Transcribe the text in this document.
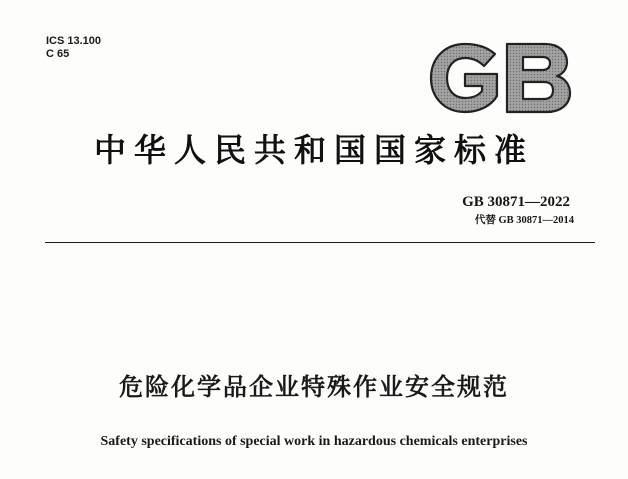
ICS 13.100
C 65
中华人民共和国国家标准
GB 30871—2022
代替 GB 30871—2014
危险化学品企业特殊作业安全规范
Safety specifications of special work in hazardous chemicals enterprises
